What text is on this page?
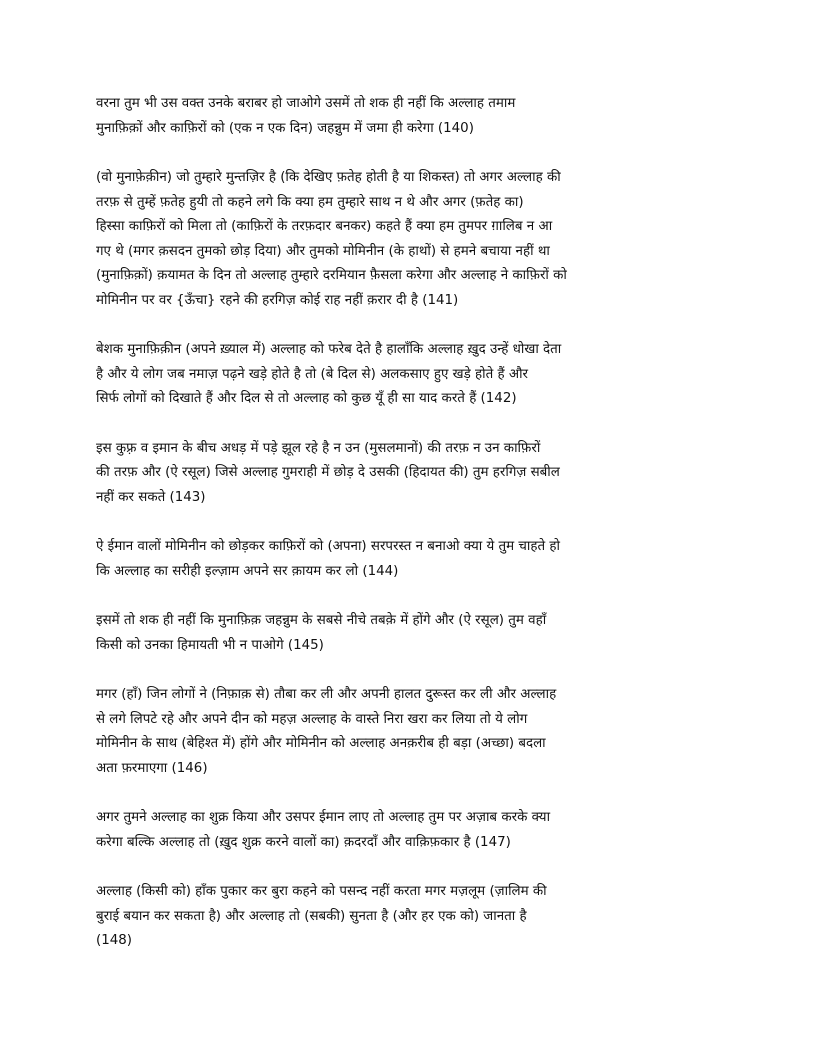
वरना तुम भी उस वक्त उनके बराबर हो जाओगे उसमें तो शक ही नहीं कि अल्लाह तमाम
मुनाफ़िक़ों और काफ़िरों को (एक न एक दिन) जहन्नुम में जमा ही करेगा (140)

(वो मुनाफ़ेक़ीन) जो तुम्हारे मुन्तज़िर है (कि देखिए फ़तेह होती है या शिकस्त) तो अगर अल्लाह की
तरफ़ से तुम्हें फ़तेह हुयी तो कहने लगे कि क्या हम तुम्हारे साथ न थे और अगर (फ़तेह का)
हिस्सा काफ़िरों को मिला तो (काफ़िरों के तरफ़दार बनकर) कहते हैं क्या हम तुमपर ग़ालिब न आ
गए थे (मगर क़सदन तुमको छोड़ दिया) और तुमको मोमिनीन (के हाथों) से हमने बचाया नहीं था
(मुनाफ़िक़ों) क़यामत के दिन तो अल्लाह तुम्हारे दरमियान फ़ैसला करेगा और अल्लाह ने काफ़िरों को
मोमिनीन पर वर {ऊँचा} रहने की हरगिज़ कोई राह नहीं क़रार दी है (141)

बेशक मुनाफ़िक़ीन (अपने ख़्याल में) अल्लाह को फरेब देते है हालाँकि अल्लाह ख़ुद उन्हें धोखा देता
है और ये लोग जब नमाज़ पढ़ने खड़े होते है तो (बे दिल से) अलकसाए हुए खड़े होते हैं और
सिर्फ लोगों को दिखाते हैं और दिल से तो अल्लाह को कुछ यूँ ही सा याद करते हैं (142)

इस कुफ़्र व इमान के बीच अधड़ में पड़े झूल रहे है न उन (मुसलमानों) की तरफ़ न उन काफ़िरों
की तरफ़ और (ऐ रसूल) जिसे अल्लाह गुमराही में छोड़ दे उसकी (हिदायत की) तुम हरगिज़ सबील
नहीं कर सकते (143)

ऐ ईमान वालों मोमिनीन को छोड़कर काफ़िरों को (अपना) सरपरस्त न बनाओ क्या ये तुम चाहते हो
कि अल्लाह का सरीही इल्ज़ाम अपने सर क़ायम कर लो (144)

इसमें तो शक ही नहीं कि मुनाफ़िक़ जहन्नुम के सबसे नीचे तबक़े में होंगे और (ऐ रसूल) तुम वहाँ
किसी को उनका हिमायती भी न पाओगे (145)

मगर (हाँ) जिन लोगों ने (निफ़ाक़ से) तौबा कर ली और अपनी हालत दुरूस्त कर ली और अल्लाह
से लगे लिपटे रहे और अपने दीन को महज़ अल्लाह के वास्ते निरा खरा कर लिया तो ये लोग
मोमिनीन के साथ (बेहिश्त में) होंगे और मोमिनीन को अल्लाह अनक़रीब ही बड़ा (अच्छा) बदला
अता फ़रमाएगा (146)

अगर तुमने अल्लाह का शुक्र किया और उसपर ईमान लाए तो अल्लाह तुम पर अज़ाब करके क्या
करेगा बल्कि अल्लाह तो (ख़ुद शुक्र करने वालों का) क़दरदाँ और वाक़िफ़कार है (147)

अल्लाह (किसी को) हाँक पुकार कर बुरा कहने को पसन्द नहीं करता मगर मज़लूम (ज़ालिम की
बुराई बयान कर सकता है) और अल्लाह तो (सबकी) सुनता है (और हर एक को) जानता है
(148)
